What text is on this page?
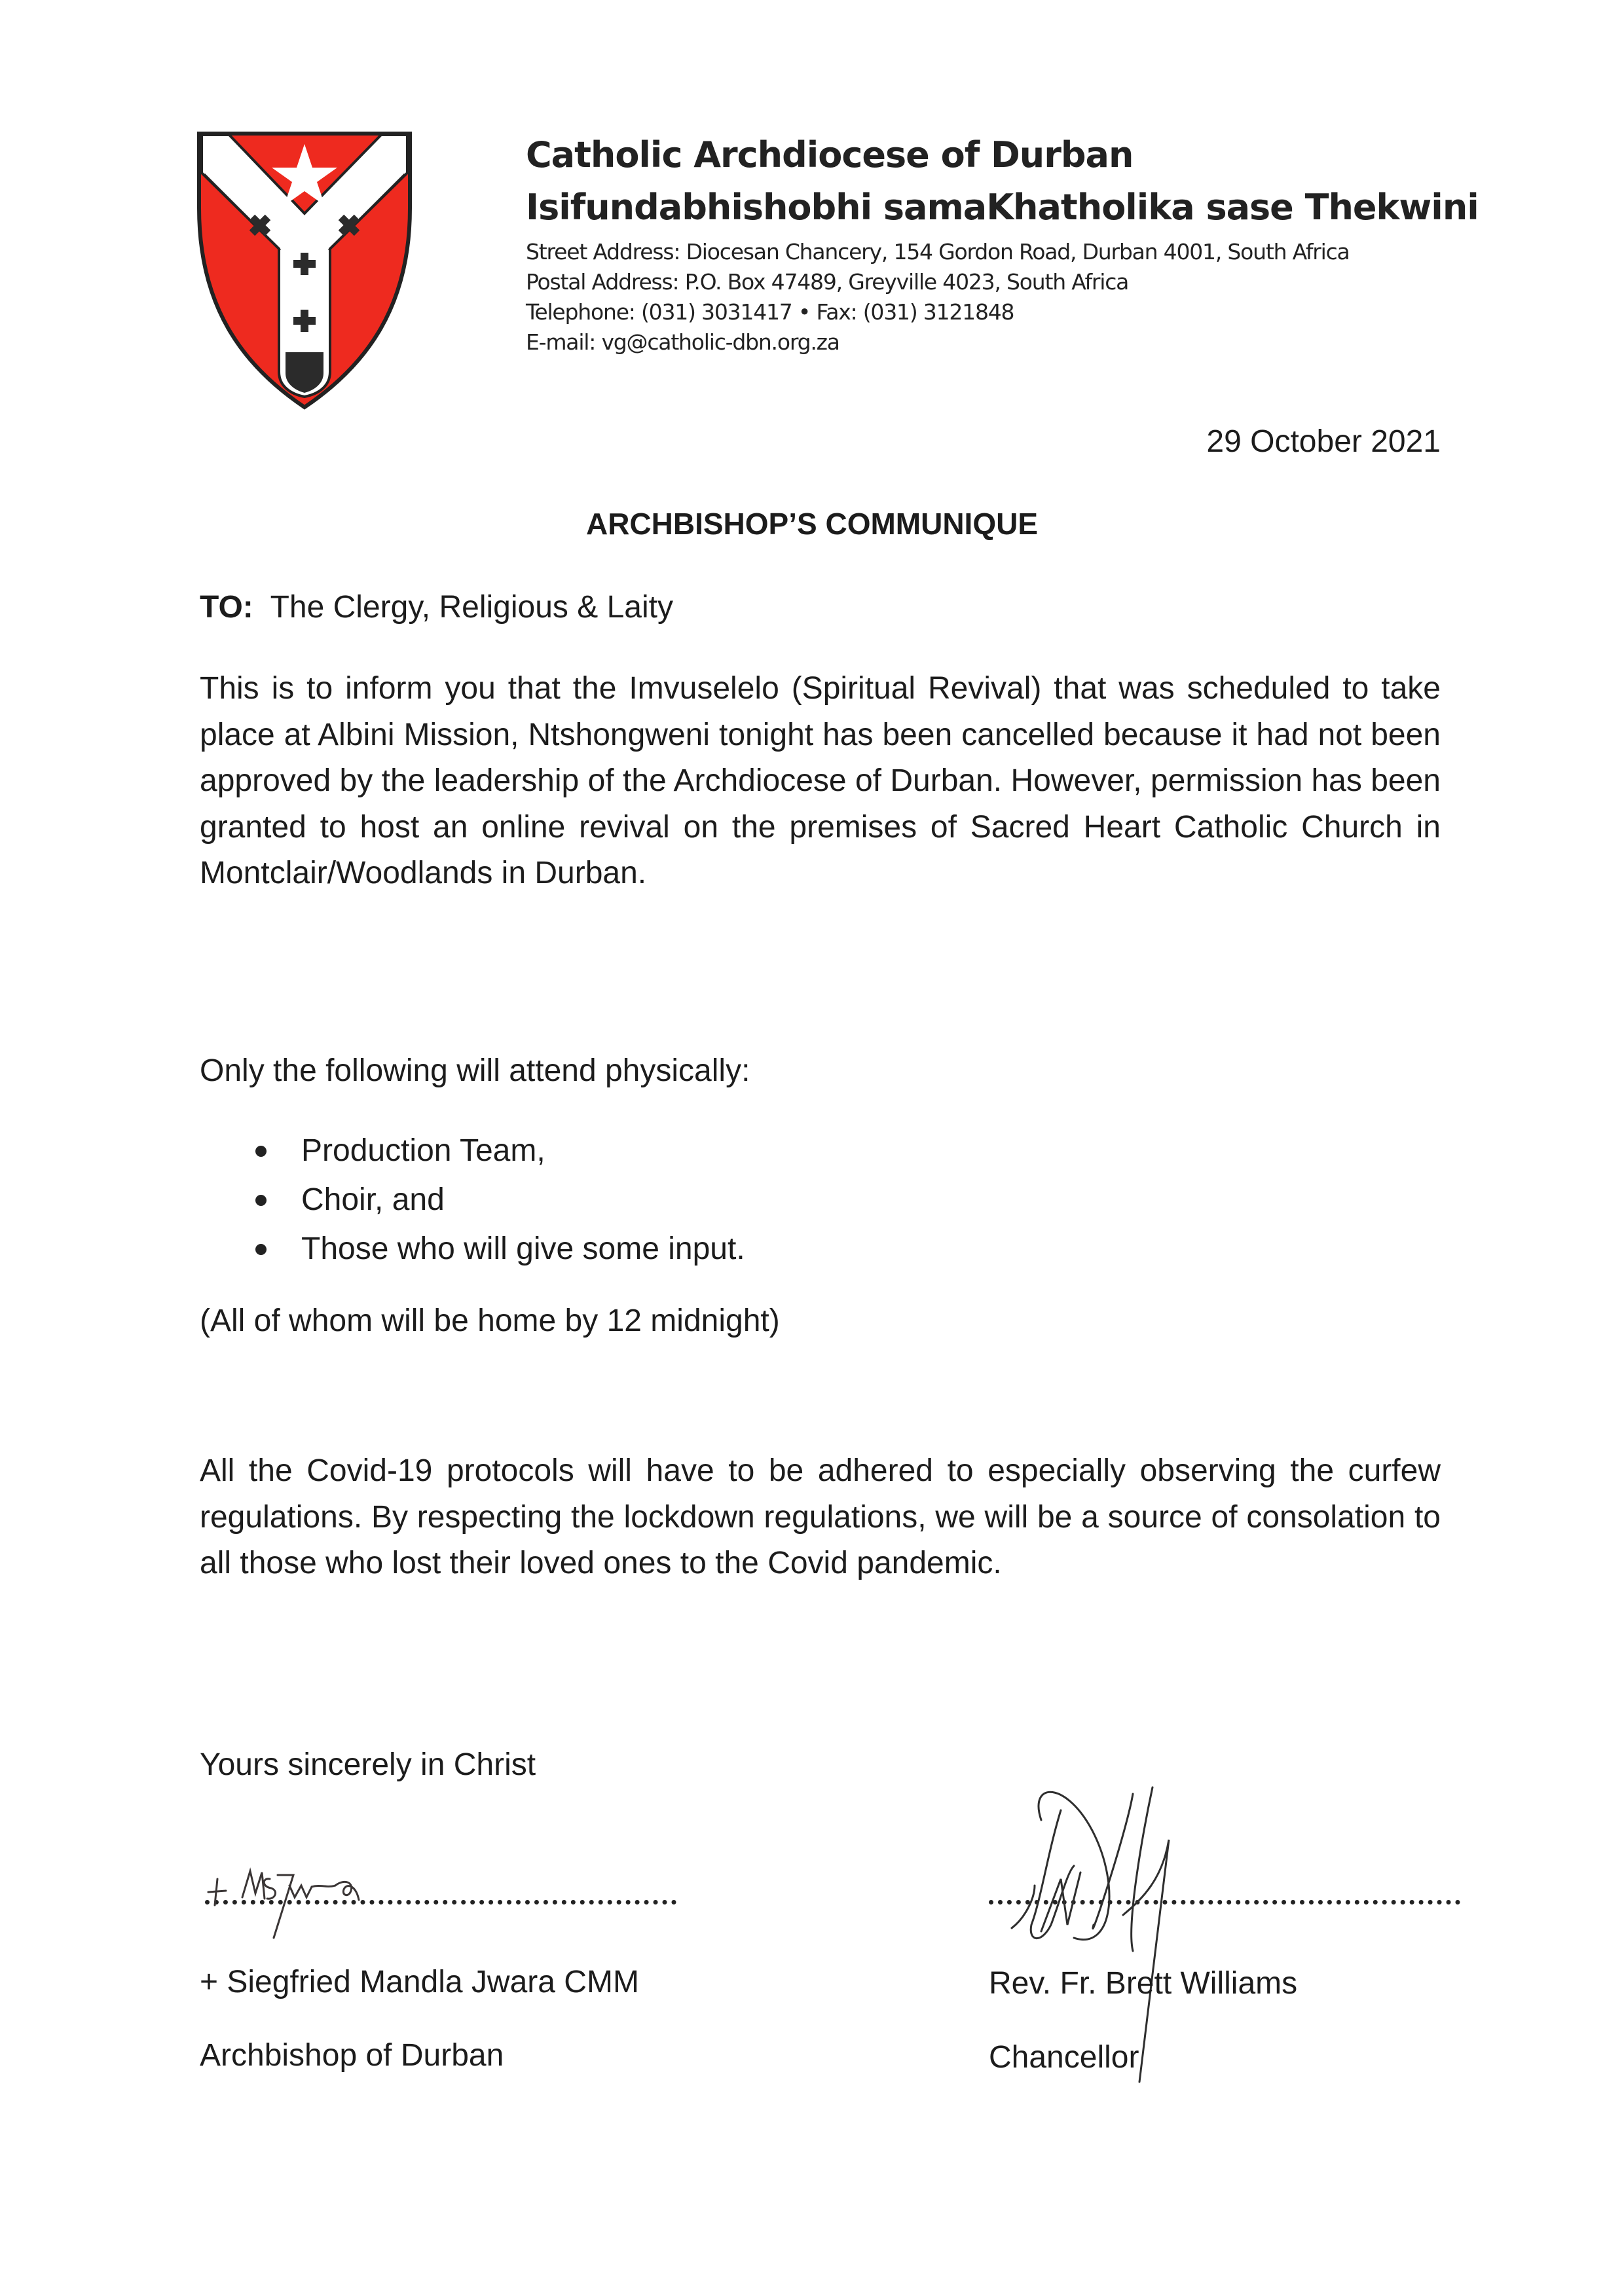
Catholic Archdiocese of Durban
Isifundabhishobhi samaKhatholika sase Thekwini
Street Address: Diocesan Chancery, 154 Gordon Road, Durban 4001, South Africa
Postal Address: P.O. Box 47489, Greyville 4023, South Africa
Telephone: (031) 3031417 • Fax: (031) 3121848
E-mail: vg@catholic-dbn.org.za
29 October 2021
ARCHBISHOP’S COMMUNIQUE
TO: The Clergy, Religious & Laity
This is to inform you that the Imvuselelo (Spiritual Revival) that was scheduled to take place at Albini Mission, Ntshongweni tonight has been cancelled because it had not been approved by the leadership of the Archdiocese of Durban. However, permission has been granted to host an online revival on the premises of Sacred Heart Catholic Church in Montclair/Woodlands in Durban.
Only the following will attend physically:
Production Team,
Choir, and
Those who will give some input.
(All of whom will be home by 12 midnight)
All the Covid-19 protocols will have to be adhered to especially observing the curfew regulations. By respecting the lockdown regulations, we will be a source of consolation to all those who lost their loved ones to the Covid pandemic.
Yours sincerely in Christ
+ Siegfried Mandla Jwara CMM
Archbishop of Durban
Rev. Fr. Brett Williams
Chancellor
